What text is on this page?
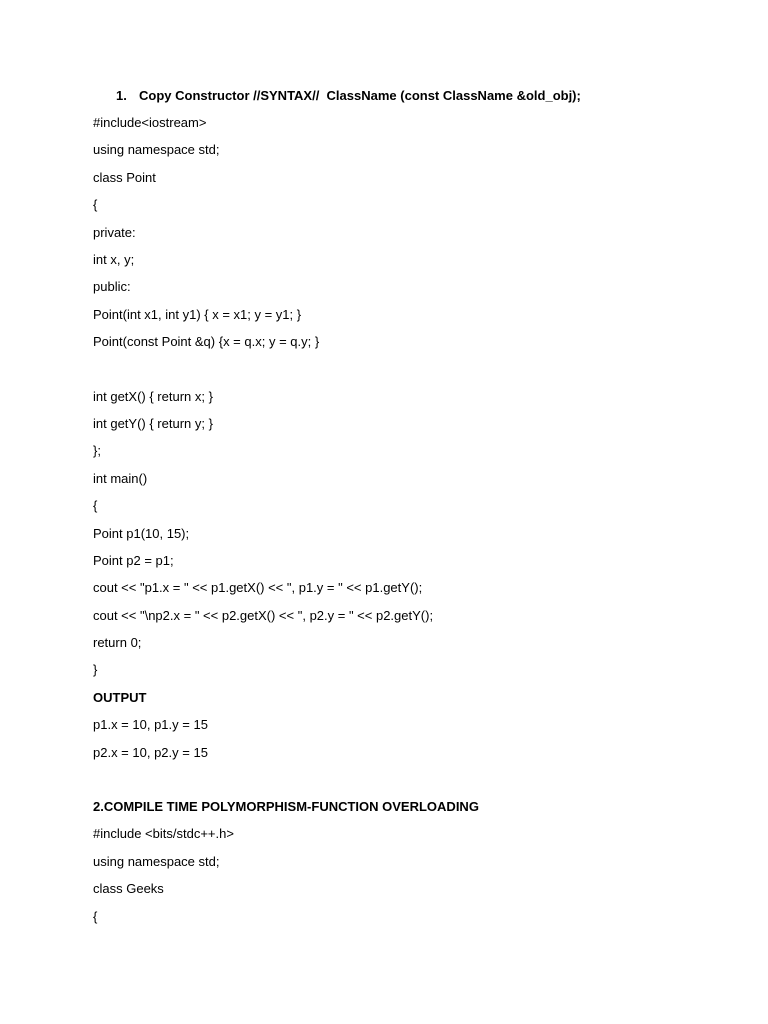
1. Copy Constructor //SYNTAX//  ClassName (const ClassName &old_obj);
#include<iostream>
using namespace std;
class Point
{
private:
int x, y;
public:
Point(int x1, int y1) { x = x1; y = y1; }
Point(const Point &q) {x = q.x; y = q.y; }
int getX() { return x; }
int getY() { return y; }
};
int main()
{
Point p1(10, 15);
Point p2 = p1;
cout << "p1.x = " << p1.getX() << ", p1.y = " << p1.getY();
cout << "\np2.x = " << p2.getX() << ", p2.y = " << p2.getY();
return 0;
}
OUTPUT
p1.x = 10, p1.y = 15
p2.x = 10, p2.y = 15
2.COMPILE TIME POLYMORPHISM-FUNCTION OVERLOADING
#include <bits/stdc++.h>
using namespace std;
class Geeks
{
